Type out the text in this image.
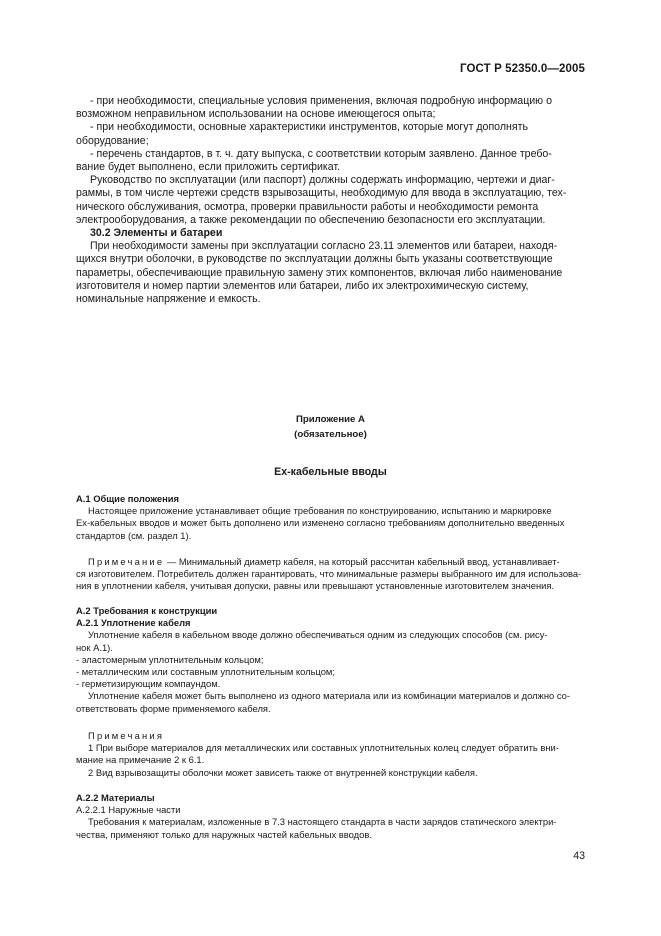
ГОСТ Р 52350.0—2005
- при необходимости, специальные условия применения, включая подробную информацию о
возможном неправильном использовании на основе имеющегося опыта;
- при необходимости, основные характеристики инструментов, которые могут дополнять
оборудование;
- перечень стандартов, в т. ч. дату выпуска, с соответствии которым заявлено. Данное требо-
вание будет выполнено, если приложить сертификат.
Руководство по эксплуатации (или паспорт) должны содержать информацию, чертежи и диаг-
раммы, в том числе чертежи средств взрывозащиты, необходимую для ввода в эксплуатацию, тех-
нического обслуживания, осмотра, проверки правильности работы и необходимости ремонта
электрооборудования, а также рекомендации по обеспечению безопасности его эксплуатации.
30.2 Элементы и батареи
При необходимости замены при эксплуатации согласно 23.11 элементов или батареи, находя-
щихся внутри оболочки, в руководстве по эксплуатации должны быть указаны соответствующие
параметры, обеспечивающие правильную замену этих компонентов, включая либо наименование
изготовителя и номер партии элементов или батареи, либо их электрохимическую систему,
номинальные напряжение и емкость.
Приложение А
(обязательное)
Ех-кабельные вводы
А.1 Общие положения
Настоящее приложение устанавливает общие требования по конструированию, испытанию и маркировке
Ех-кабельных вводов и может быть дополнено или изменено согласно требованиям дополнительно введенных
стандартов (см. раздел 1).
Примечание — Минимальный диаметр кабеля, на который рассчитан кабельный ввод, устанавливает-
ся изготовителем. Потребитель должен гарантировать, что минимальные размеры выбранного им для использова-
ния в уплотнении кабеля, учитывая допуски, равны или превышают установленные изготовителем значения.
А.2 Требования к конструкции
А.2.1 Уплотнение кабеля
Уплотнение кабеля в кабельном вводе должно обеспечиваться одним из следующих способов (см. рису-
нок А.1).
- эластомерным уплотнительным кольцом;
- металлическим или составным уплотнительным кольцом;
- герметизирующим компаундом.
Уплотнение кабеля может быть выполнено из одного материала или из комбинации материалов и должно со-
ответствовать форме применяемого кабеля.
Примечания
1 При выборе материалов для металлических или составных уплотнительных колец следует обратить вни-
мание на примечание 2 к 6.1.
2 Вид взрывозащиты оболочки может зависеть также от внутренней конструкции кабеля.
А.2.2 Материалы
А.2.2.1 Наружные части
Требования к материалам, изложенные в 7.3 настоящего стандарта в части зарядов статического электри-
чества, применяют только для наружных частей кабельных вводов.
43
